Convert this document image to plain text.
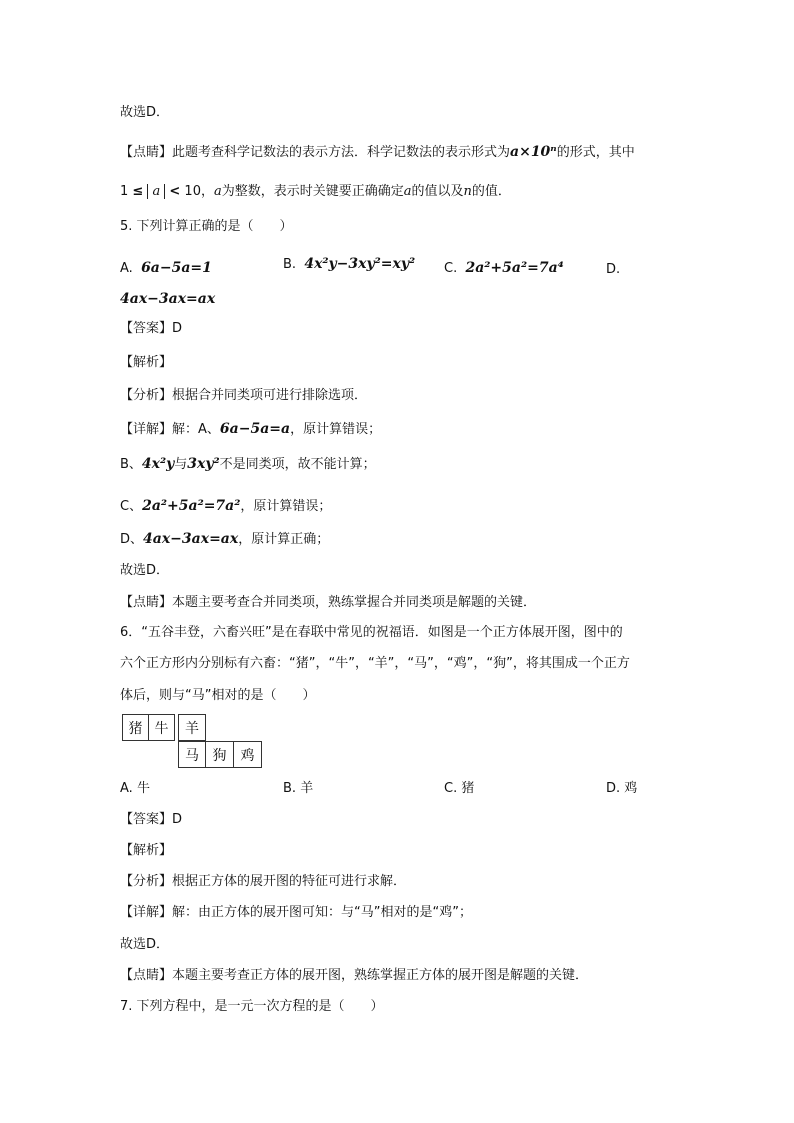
故选D．
【点睛】此题考查科学记数法的表示方法．科学记数法的表示形式为a×10ⁿ的形式，其中
1 ≤ a < 10，a为整数，表示时关键要正确确定a的值以及n的值．
5. 下列计算正确的是（　　）
A. 6a−5a=1	B. 4x²y−3xy²=xy² C. 2a²+5a²=7a⁴	D.
4ax−3ax=ax
【答案】D
【解析】
【分析】根据合并同类项可进行排除选项．
【详解】解：A、6a−5a=a，原计算错误；
B、4x²y与3xy²不是同类项，故不能计算；
C、2a²+5a²=7a²，原计算错误；
D、4ax−3ax=ax，原计算正确；
故选D．
【点睛】本题主要考查合并同类项，熟练掌握合并同类项是解题的关键．
6．“五谷丰登，六畜兴旺”是在春联中常见的祝福语．如图是一个正方体展开图，图中的
六个正方形内分别标有六畜：“猪”，“牛”，“羊”，“马”，“鸡”，“狗”，将其围成一个正方
体后，则与“马”相对的是（　　）
猪 牛	羊
马 狗	鸡
A. 牛	B. 羊	C. 猪	D. 鸡
【答案】D
【解析】
【分析】根据正方体的展开图的特征可进行求解．
【详解】解：由正方体的展开图可知：与“马”相对的是“鸡”；
故选D．
【点睛】本题主要考查正方体的展开图，熟练掌握正方体的展开图是解题的关键．
7. 下列方程中，是一元一次方程的是（　　）
